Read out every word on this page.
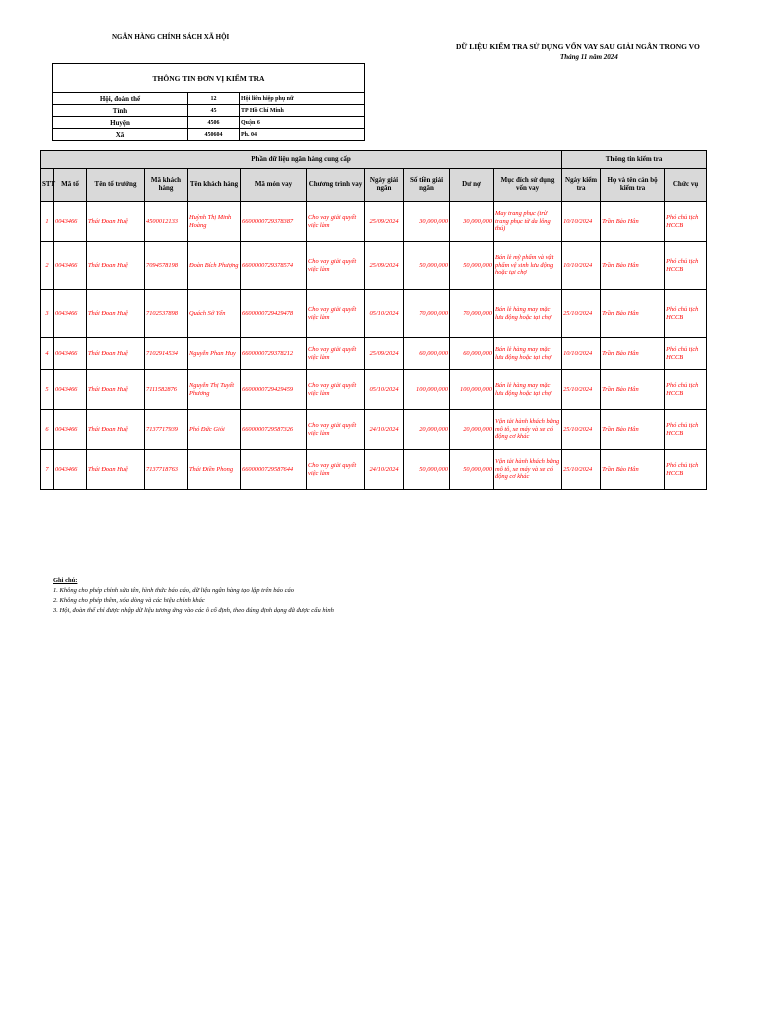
NGÂN HÀNG CHÍNH SÁCH XÃ HỘI
DỮ LIỆU KIỂM TRA SỬ DỤNG VỐN VAY SAU GIẢI NGÂN TRONG VO
Tháng 11 năm 2024
THÔNG TIN ĐƠN VỊ KIỂM TRA		
Hội, đoàn thể	12	Hội liên hiệp phụ nữ
Tỉnh	45	TP Hồ Chí Minh
Huyện	4506	Quận 6
Xã	450604	Ph. 04
Phần dữ liệu ngân hàng cung cấp											Thông tin kiểm tra		
STT	Mã tổ	Tên tổ trưởng	Mã khách hàng	Tên khách hàng	Mã món vay	Chương trình vay	Ngày giải ngân	Số tiền giải ngân	Dư nợ	Mục đích sử dụng vốn vay	Ngày kiểm tra	Họ và tên cán bộ kiểm tra	Chức vụ
1	0043466	Thái Đoan Huệ	4500012133	Huỳnh Thị Minh Hoàng	6600000729378387	Cho vay giải quyết việc làm	25/09/2024	30,000,000	30,000,000	May trang phục (trừ trang phục từ da lông thú)	10/10/2024	Trần Bảo Hân	Phó chủ tịch HCCB
2	0043466	Thái Đoan Huệ	7094578198	Đoàn Bích Phượng	6600000729378574	Cho vay giải quyết việc làm	25/09/2024	50,000,000	50,000,000	Bán lẻ mỹ phẩm và vật phẩm vệ sinh lưu động hoặc tại chợ	10/10/2024	Trần Bảo Hân	Phó chủ tịch HCCB
3	0043466	Thái Đoan Huệ	7102537898	Quách Sở Yến	6600000729429478	Cho vay giải quyết việc làm	05/10/2024	70,000,000	70,000,000	Bán lẻ hàng may mặc lưu động hoặc tại chợ	25/10/2024	Trần Bảo Hân	Phó chủ tịch HCCB
4	0043466	Thái Đoan Huệ	7102914534	Nguyễn Phan Huy	6600000729378212	Cho vay giải quyết việc làm	25/09/2024	60,000,000	60,000,000	Bán lẻ hàng may mặc lưu động hoặc tại chợ	10/10/2024	Trần Bảo Hân	Phó chủ tịch HCCB
5	0043466	Thái Đoan Huệ	7111582876	Nguyễn Thị Tuyết Phương	6600000729429459	Cho vay giải quyết việc làm	05/10/2024	100,000,000	100,000,000	Bán lẻ hàng may mặc lưu động hoặc tại chợ	25/10/2024	Trần Bảo Hân	Phó chủ tịch HCCB
6	0043466	Thái Đoan Huệ	7137717939	Phó Đức Giỏi	6600000729587326	Cho vay giải quyết việc làm	24/10/2024	20,000,000	20,000,000	Vận tải hành khách bằng mô tô, xe máy và xe có động cơ khác	25/10/2024	Trần Bảo Hân	Phó chủ tịch HCCB
7	0043466	Thái Đoan Huệ	7137718763	Thái Điền Phong	6600000729587644	Cho vay giải quyết việc làm	24/10/2024	50,000,000	50,000,000	Vận tải hành khách bằng mô tô, xe máy và xe có động cơ khác	25/10/2024	Trần Bảo Hân	Phó chủ tịch HCCB
Ghi chú:
1. Không cho phép chỉnh sửa tên, hình thức báo cáo, dữ liệu ngân hàng tạo lập trên báo cáo
2. Không cho phép thêm, xóa dòng và các hiệu chỉnh khác
3. Hội, đoàn thể chỉ được nhập dữ liệu tương ứng vào các ô cố định, theo đúng định dạng đã được cấu hình
